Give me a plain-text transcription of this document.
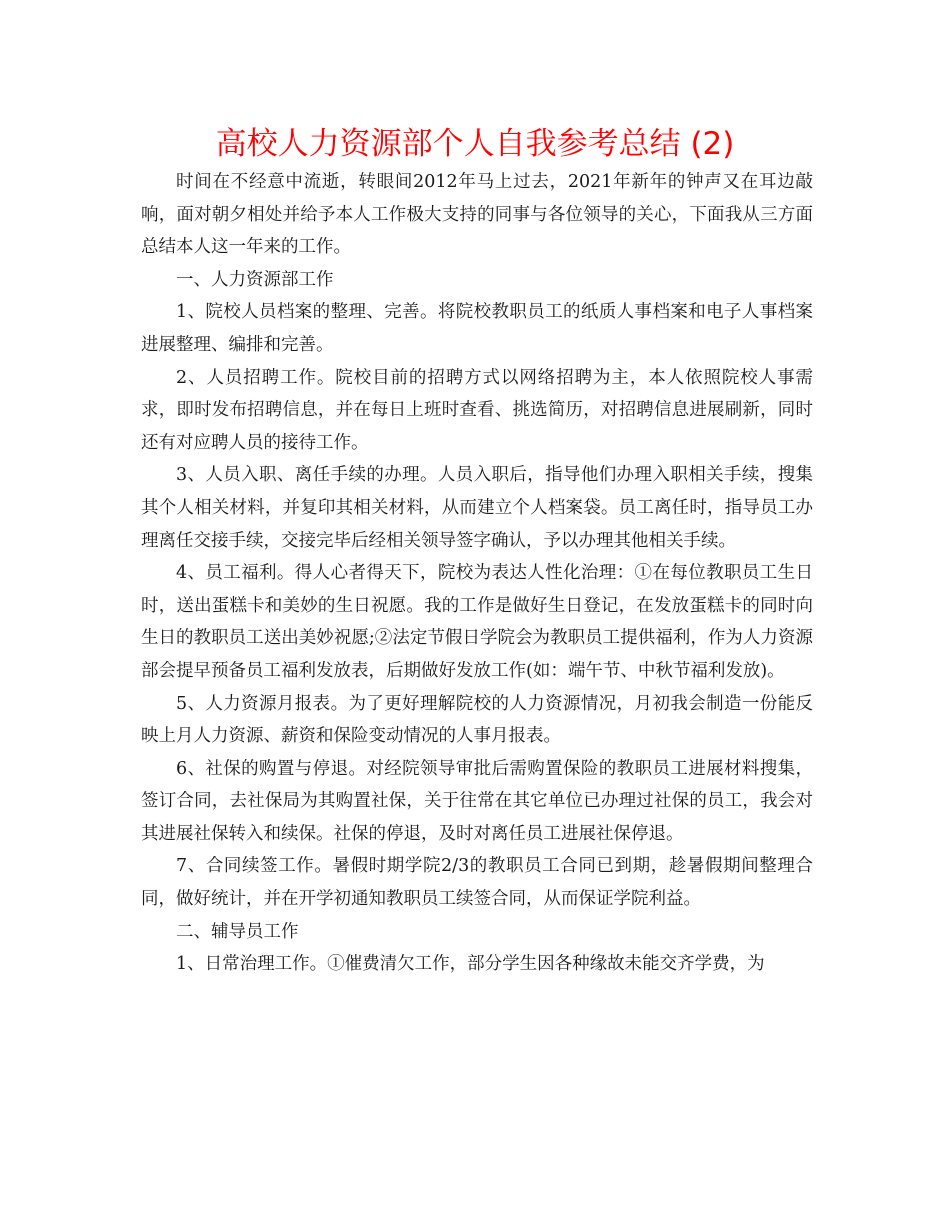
高校人力资源部个人自我参考总结 (2)

时间在不经意中流逝，转眼间2012年马上过去，2021年新年的钟声又在耳边敲响，面对朝夕相处并给予本人工作极大支持的同事与各位领导的关心，下面我从三方面总结本人这一年来的工作。

一、人力资源部工作

1、院校人员档案的整理、完善。将院校教职员工的纸质人事档案和电子人事档案进展整理、编排和完善。

2、人员招聘工作。院校目前的招聘方式以网络招聘为主，本人依照院校人事需求，即时发布招聘信息，并在每日上班时查看、挑选简历，对招聘信息进展刷新，同时还有对应聘人员的接待工作。

3、人员入职、离任手续的办理。人员入职后，指导他们办理入职相关手续，搜集其个人相关材料，并复印其相关材料，从而建立个人档案袋。员工离任时，指导员工办理离任交接手续，交接完毕后经相关领导签字确认，予以办理其他相关手续。

4、员工福利。得人心者得天下，院校为表达人性化治理：①在每位教职员工生日时，送出蛋糕卡和美妙的生日祝愿。我的工作是做好生日登记，在发放蛋糕卡的同时向生日的教职员工送出美妙祝愿;②法定节假日学院会为教职员工提供福利，作为人力资源部会提早预备员工福利发放表，后期做好发放工作(如：端午节、中秋节福利发放)。

5、人力资源月报表。为了更好理解院校的人力资源情况，月初我会制造一份能反映上月人力资源、薪资和保险变动情况的人事月报表。

6、社保的购置与停退。对经院领导审批后需购置保险的教职员工进展材料搜集，签订合同，去社保局为其购置社保，关于往常在其它单位已办理过社保的员工，我会对其进展社保转入和续保。社保的停退，及时对离任员工进展社保停退。

7、合同续签工作。暑假时期学院2/3的教职员工合同已到期，趁暑假期间整理合同，做好统计，并在开学初通知教职员工续签合同，从而保证学院利益。

二、辅导员工作

1、日常治理工作。①催费清欠工作，部分学生因各种缘故未能交齐学费，为
